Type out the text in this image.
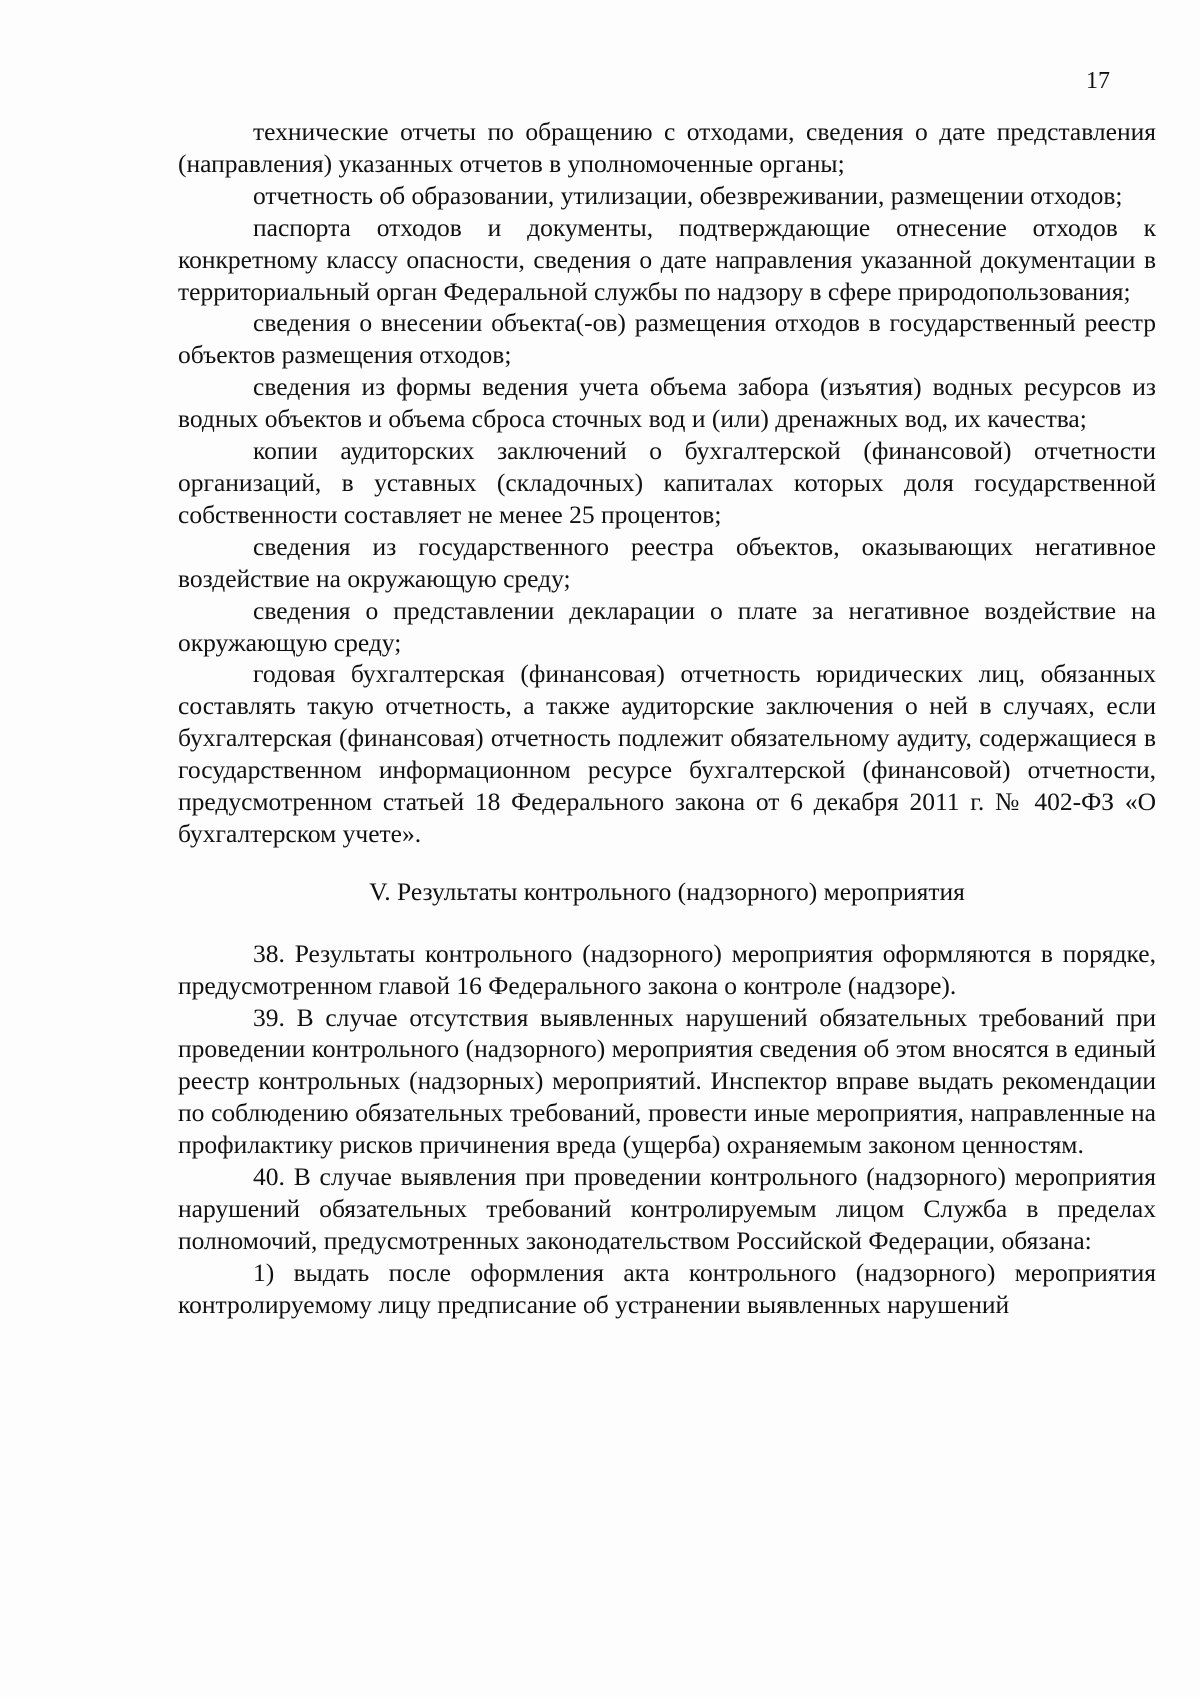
17

технические отчеты по обращению с отходами, сведения о дате представления (направления) указанных отчетов в уполномоченные органы;

отчетность об образовании, утилизации, обезвреживании, размещении отходов;

паспорта отходов и документы, подтверждающие отнесение отходов к конкретному классу опасности, сведения о дате направления указанной документации в территориальный орган Федеральной службы по надзору в сфере природопользования;

сведения о внесении объекта(-ов) размещения отходов в государственный реестр объектов размещения отходов;

сведения из формы ведения учета объема забора (изъятия) водных ресурсов из водных объектов и объема сброса сточных вод и (или) дренажных вод, их качества;

копии аудиторских заключений о бухгалтерской (финансовой) отчетности организаций, в уставных (складочных) капиталах которых доля государственной собственности составляет не менее 25 процентов;

сведения из государственного реестра объектов, оказывающих негативное воздействие на окружающую среду;

сведения о представлении декларации о плате за негативное воздействие на окружающую среду;

годовая бухгалтерская (финансовая) отчетность юридических лиц, обязанных составлять такую отчетность, а также аудиторские заключения о ней в случаях, если бухгалтерская (финансовая) отчетность подлежит обязательному аудиту, содержащиеся в государственном информационном ресурсе бухгалтерской (финансовой) отчетности, предусмотренном статьей 18 Федерального закона от 6 декабря 2011 г. № 402-ФЗ «О бухгалтерском учете».

V. Результаты контрольного (надзорного) мероприятия

38. Результаты контрольного (надзорного) мероприятия оформляются в порядке, предусмотренном главой 16 Федерального закона о контроле (надзоре).

39. В случае отсутствия выявленных нарушений обязательных требований при проведении контрольного (надзорного) мероприятия сведения об этом вносятся в единый реестр контрольных (надзорных) мероприятий. Инспектор вправе выдать рекомендации по соблюдению обязательных требований, провести иные мероприятия, направленные на профилактику рисков причинения вреда (ущерба) охраняемым законом ценностям.

40. В случае выявления при проведении контрольного (надзорного) мероприятия нарушений обязательных требований контролируемым лицом Служба в пределах полномочий, предусмотренных законодательством Российской Федерации, обязана:

1) выдать после оформления акта контрольного (надзорного) мероприятия контролируемому лицу предписание об устранении выявленных нарушений
